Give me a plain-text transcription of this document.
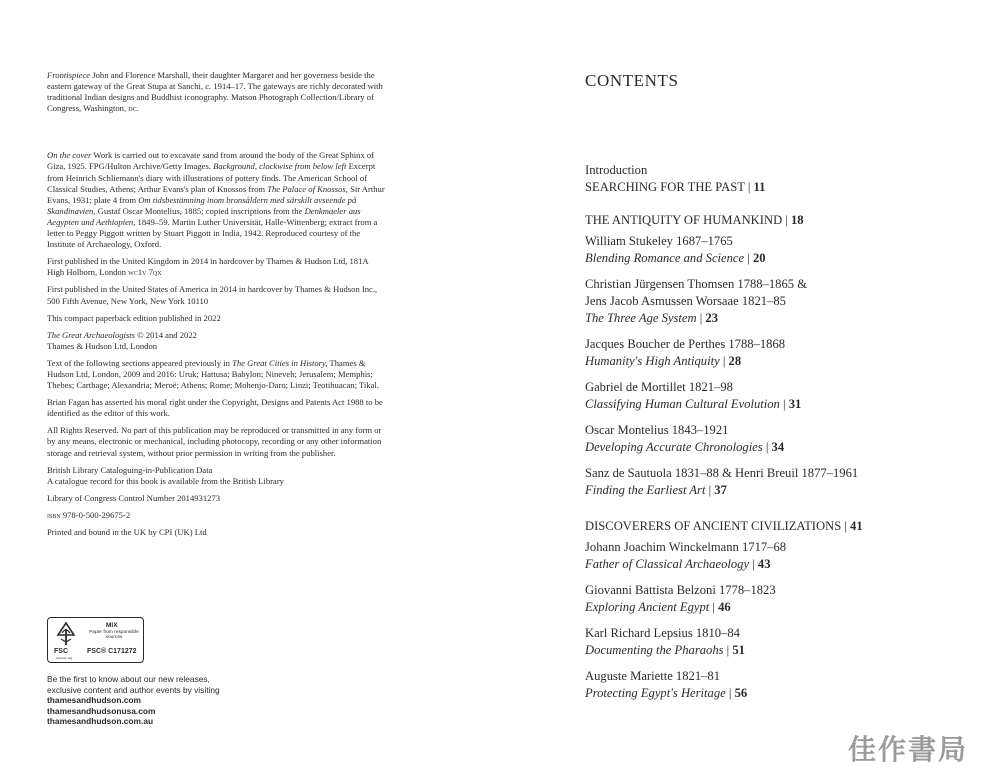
Frontispiece John and Florence Marshall, their daughter Margaret and her governess beside the eastern gateway of the Great Stupa at Sanchi, c. 1914–17. The gateways are richly decorated with traditional Indian designs and Buddhist iconography. Matson Photograph Collection/Library of Congress, Washington, dc.

On the cover Work is carried out to excavate sand from around the body of the Great Sphinx of Giza, 1925. FPG/Hulton Archive/Getty Images. Background, clockwise from below left Excerpt from Heinrich Schliemann's diary with illustrations of pottery finds. The American School of Classical Studies, Athens; Arthur Evans's plan of Knossos from The Palace of Knossos, Sir Arthur Evans, 1931; plate 4 from Om tidsbestämning inom bronsåldern med särskilt avseende på Skandinavien, Gustaf Oscar Montelius, 1885; copied inscriptions from the Denkmaeler aus Aegypten und Aethiopien, 1849–59. Martin Luther Universität, Halle-Wittenberg; extract from a letter to Peggy Piggott written by Stuart Piggott in India, 1942. Reproduced courtesy of the Institute of Archaeology, Oxford.

First published in the United Kingdom in 2014 in hardcover by Thames & Hudson Ltd, 181A High Holborn, London wc1v 7qx

First published in the United States of America in 2014 in hardcover by Thames & Hudson Inc., 500 Fifth Avenue, New York, New York 10110

This compact paperback edition published in 2022

The Great Archaeologists © 2014 and 2022
Thames & Hudson Ltd, London

Text of the following sections appeared previously in The Great Cities in History, Thames & Hudson Ltd, London, 2009 and 2016: Uruk; Hattusa; Babylon; Nineveh; Jerusalem; Memphis; Thebes; Carthage; Alexandria; Meroë; Athens; Rome; Mohenjo-Daro; Linzi; Teotihuacan; Tikal.

Brian Fagan has asserted his moral right under the Copyright, Designs and Patents Act 1988 to be identified as the editor of this work.

All Rights Reserved. No part of this publication may be reproduced or transmitted in any form or by any means, electronic or mechanical, including photocopy, recording or any other information storage and retrieval system, without prior permission in writing from the publisher.

British Library Cataloguing-in-Publication Data
A catalogue record for this book is available from the British Library

Library of Congress Control Number 2014931273

isbn 978-0-500-29675-2

Printed and bound in the UK by CPI (UK) Ltd

FSC
www.fsc.org
MIX
Paper from responsible sources
FSC® C171272
Be the first to know about our new releases,
exclusive content and author events by visiting
thamesandhudson.com
thamesandhudsonusa.com
thamesandhudson.com.au
CONTENTS
Introduction
SEARCHING FOR THE PAST | 11
THE ANTIQUITY OF HUMANKIND | 18
William Stukeley 1687–1765
Blending Romance and Science | 20
Christian Jürgensen Thomsen 1788–1865 &
Jens Jacob Asmussen Worsaae 1821–85
The Three Age System | 23
Jacques Boucher de Perthes 1788–1868
Humanity's High Antiquity | 28
Gabriel de Mortillet 1821–98
Classifying Human Cultural Evolution | 31
Oscar Montelius 1843–1921
Developing Accurate Chronologies | 34
Sanz de Sautuola 1831–88 & Henri Breuil 1877–1961
Finding the Earliest Art | 37
DISCOVERERS OF ANCIENT CIVILIZATIONS | 41
Johann Joachim Winckelmann 1717–68
Father of Classical Archaeology | 43
Giovanni Battista Belzoni 1778–1823
Exploring Ancient Egypt | 46
Karl Richard Lepsius 1810–84
Documenting the Pharaohs | 51
Auguste Mariette 1821–81
Protecting Egypt's Heritage | 56
佳作書局
